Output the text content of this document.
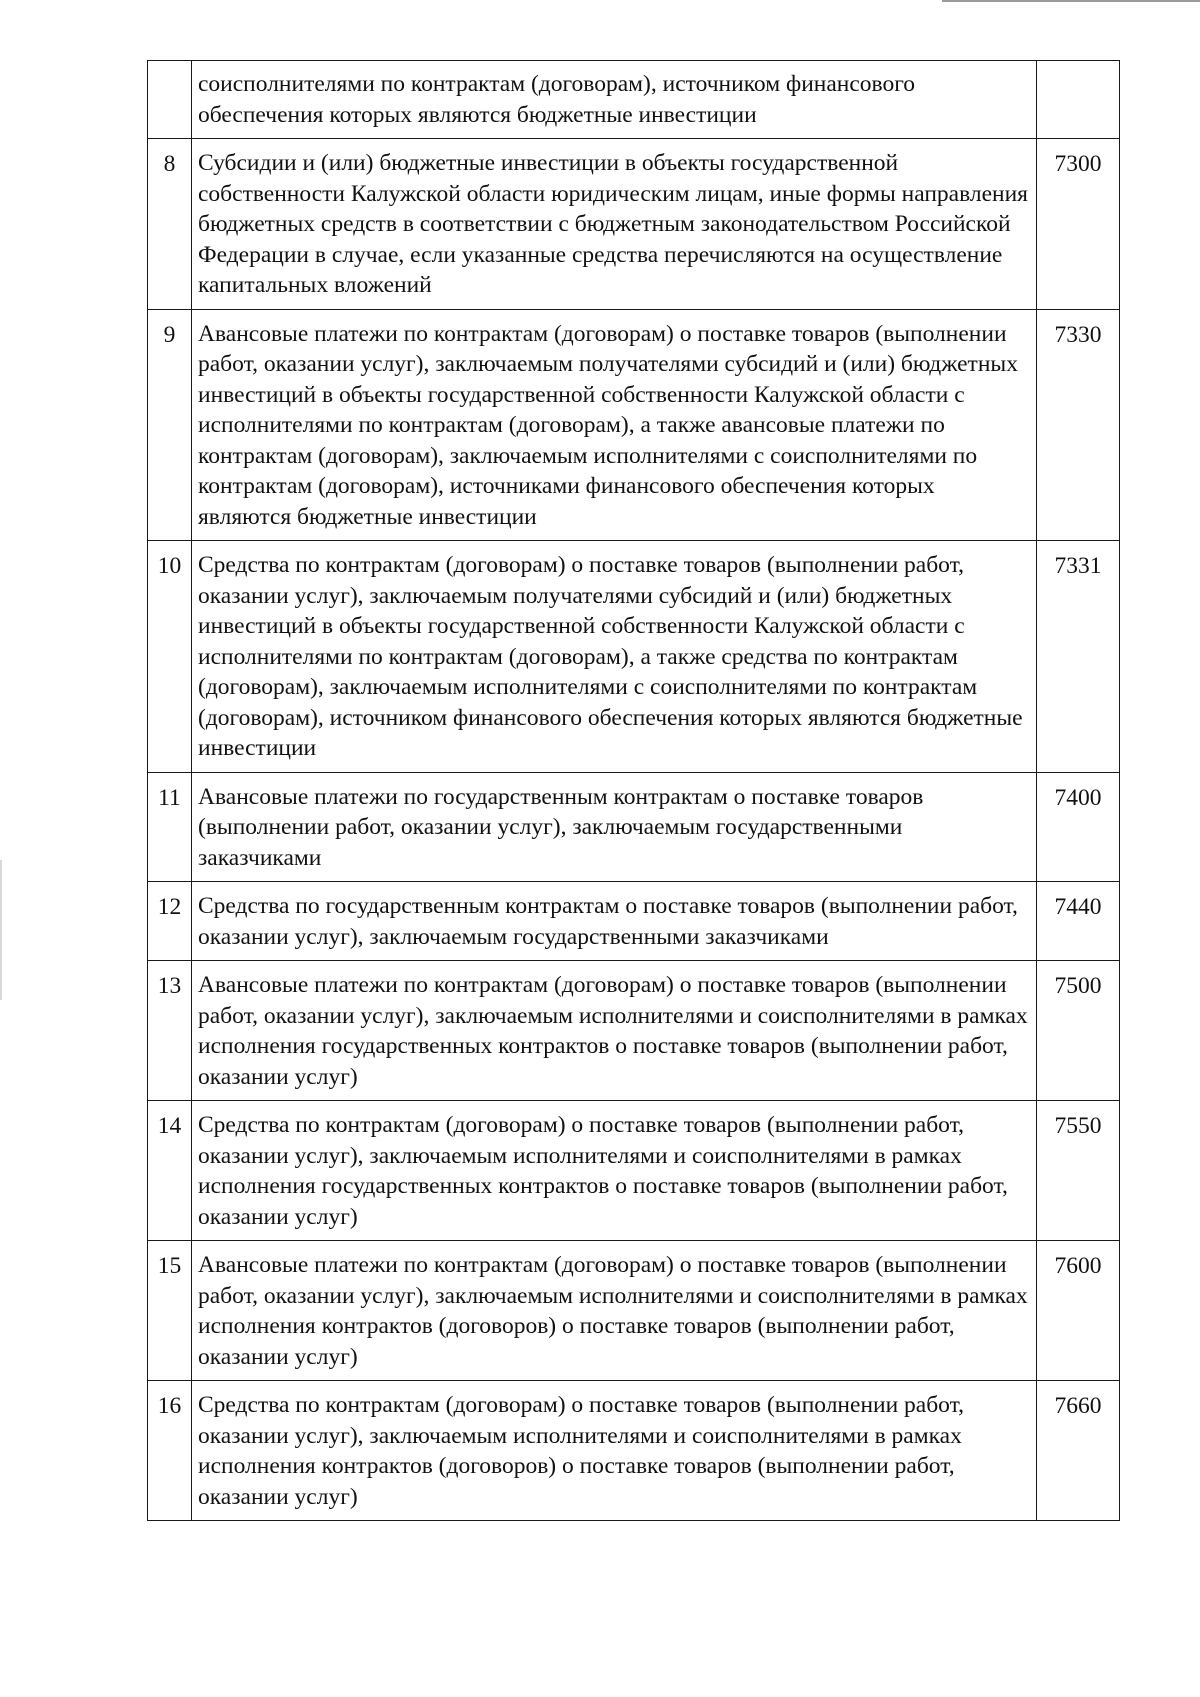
	соисполнителями по контрактам (договорам), источником финансового обеспечения которых являются бюджетные инвестиции	
8	Субсидии и (или) бюджетные инвестиции в объекты государственной собственности Калужской области юридическим лицам, иные формы направления бюджетных средств в соответствии с бюджетным законодательством Российской Федерации в случае, если указанные средства перечисляются на осуществление капитальных вложений	7300
9	Авансовые платежи по контрактам (договорам) о поставке товаров (выполнении работ, оказании услуг), заключаемым получателями субсидий и (или) бюджетных инвестиций в объекты государственной собственности Калужской области с исполнителями по контрактам (договорам), а также авансовые платежи по контрактам (договорам), заключаемым исполнителями с соисполнителями по контрактам (договорам), источниками финансового обеспечения которых являются бюджетные инвестиции	7330
10	Средства по контрактам (договорам) о поставке товаров (выполнении работ, оказании услуг), заключаемым получателями субсидий и (или) бюджетных инвестиций в объекты государственной собственности Калужской области с исполнителями по контрактам (договорам), а также средства по контрактам (договорам), заключаемым исполнителями с соисполнителями по контрактам (договорам), источником финансового обеспечения которых являются бюджетные инвестиции	7331
11	Авансовые платежи по государственным контрактам о поставке товаров (выполнении работ, оказании услуг), заключаемым государственными заказчиками	7400
12	Средства по государственным контрактам о поставке товаров (выполнении работ, оказании услуг), заключаемым государственными заказчиками	7440
13	Авансовые платежи по контрактам (договорам) о поставке товаров (выполнении работ, оказании услуг), заключаемым исполнителями и соисполнителями в рамках исполнения государственных контрактов о поставке товаров (выполнении работ, оказании услуг)	7500
14	Средства по контрактам (договорам) о поставке товаров (выполнении работ, оказании услуг), заключаемым исполнителями и соисполнителями в рамках исполнения государственных контрактов о поставке товаров (выполнении работ, оказании услуг)	7550
15	Авансовые платежи по контрактам (договорам) о поставке товаров (выполнении работ, оказании услуг), заключаемым исполнителями и соисполнителями в рамках исполнения контрактов (договоров) о поставке товаров (выполнении работ, оказании услуг)	7600
16	Средства по контрактам (договорам) о поставке товаров (выполнении работ, оказании услуг), заключаемым исполнителями и соисполнителями в рамках исполнения контрактов (договоров) о поставке товаров (выполнении работ, оказании услуг)	7660
